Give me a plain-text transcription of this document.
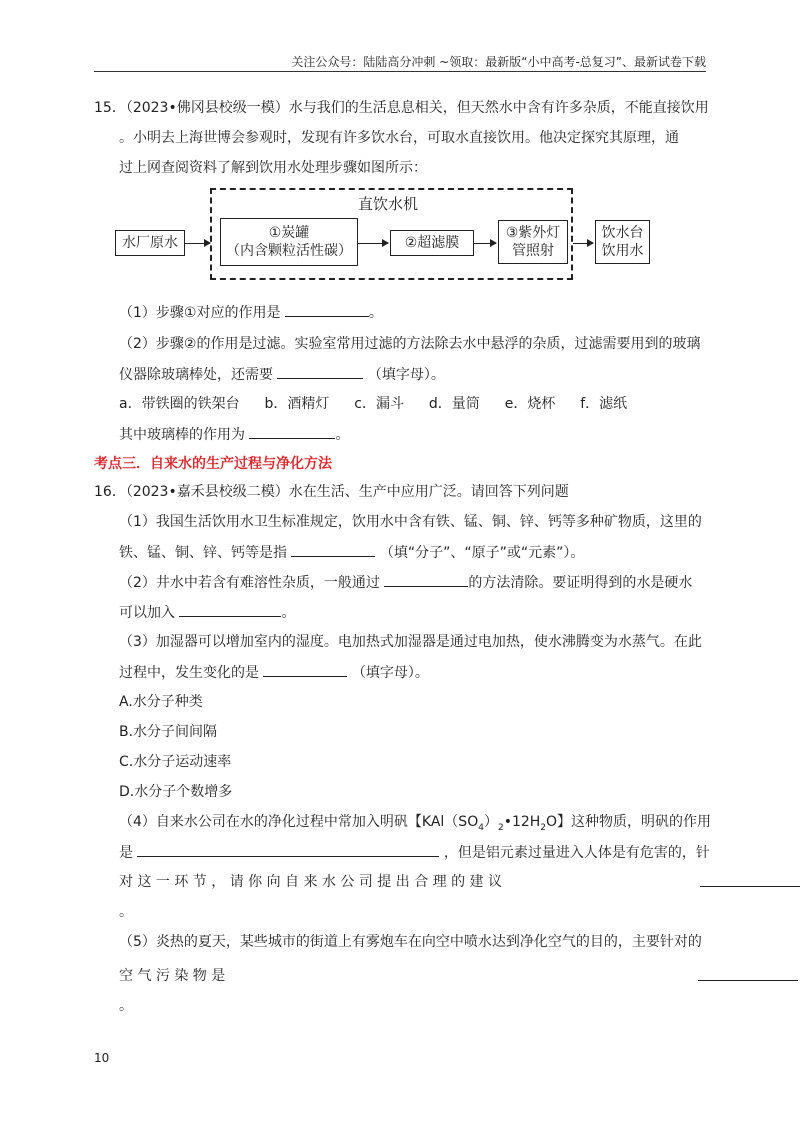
关注公众号：陆陆高分冲刺 ~领取：最新版“小中高考-总复习”、最新试卷下载
15．（2023•佛冈县校级一模）水与我们的生活息息相关，但天然水中含有许多杂质，不能直接饮用
。小明去上海世博会参观时，发现有许多饮水台，可取水直接饮用。他决定探究其原理，通
过上网查阅资料了解到饮用水处理步骤如图所示：
水厂原水
直饮水机
①炭罐
（内含颗粒活性碳）	②超滤膜
③紫外灯
管照射
饮水台
饮用水
（1）步骤①对应的作用是	。
（2）步骤②的作用是过滤。实验室常用过滤的方法除去水中悬浮的杂质，过滤需要用到的玻璃
仪器除玻璃棒处，还需要	（填字母）。
a．带铁圈的铁架台 b．酒精灯 c．漏斗 d．量筒 e．烧杯 f．滤纸
其中玻璃棒的作用为	。
考点三．自来水的生产过程与净化方法
16．（2023•嘉禾县校级二模）水在生活、生产中应用广泛。请回答下列问题
（1）我国生活饮用水卫生标准规定，饮用水中含有铁、锰、铜、锌、钙等多种矿物质，这里的
铁、锰、铜、锌、钙等是指	（填“分子”、“原子”或“元素”）。
（2）井水中若含有难溶性杂质，一般通过	的方法清除。要证明得到的水是硬水
可以加入	。
（3）加湿器可以增加室内的湿度。电加热式加湿器是通过电加热，使水沸腾变为水蒸气。在此
过程中，发生变化的是	（填字母）。
A.水分子种类
B.水分子间间隔
C.水分子运动速率
D.水分子个数增多
（4）自来水公司在水的净化过程中常加入明矾【$KAl(SO_4)_2•12H_2O$】这种物质，明矾的作用
是	，但是铝元素过量进入人体是有危害的，针
对 这 一 环 节 ， 请 你 向 自 来 水 公 司 提 出 合 理 的 建 议
。
（5）炎热的夏天，某些城市的街道上有雾炮车在向空中喷水达到净化空气的目的，主要针对的
空 气 污 染 物 是
。
10
